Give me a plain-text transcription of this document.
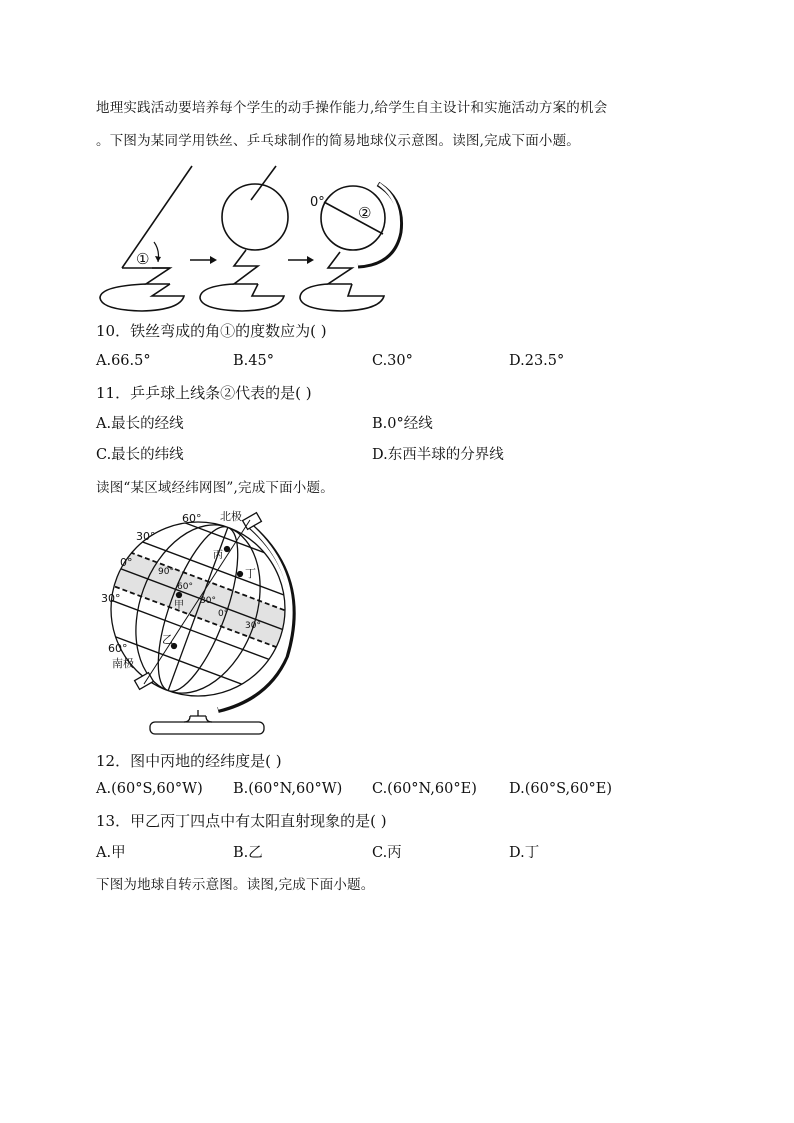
地理实践活动要培养每个学生的动手操作能力,给学生自主设计和实施活动方案的机会
。下图为某同学用铁丝、乒乓球制作的简易地球仪示意图。读图,完成下面小题。
①
0°
②
10．铁丝弯成的角①的度数应为( )
A.66.5°	B.45°	C.30°	D.23.5°
11．乒乒球上线条②代表的是( )
A.最长的经线	B.0°经线
C.最长的纬线	D.东西半球的分界线
读图“某区域经纬网图”,完成下面小题。
60° 北极
30°
0°
30°
60°
南极
90°
60°
30°
0°
30°
丙
丁
甲
乙
12．图中丙地的经纬度是( )
A.(60°S,60°W) B.(60°N,60°W) C.(60°N,60°E) D.(60°S,60°E)
13．甲乙丙丁四点中有太阳直射现象的是( )
A.甲	B.乙	C.丙	D.丁
下图为地球自转示意图。读图,完成下面小题。
